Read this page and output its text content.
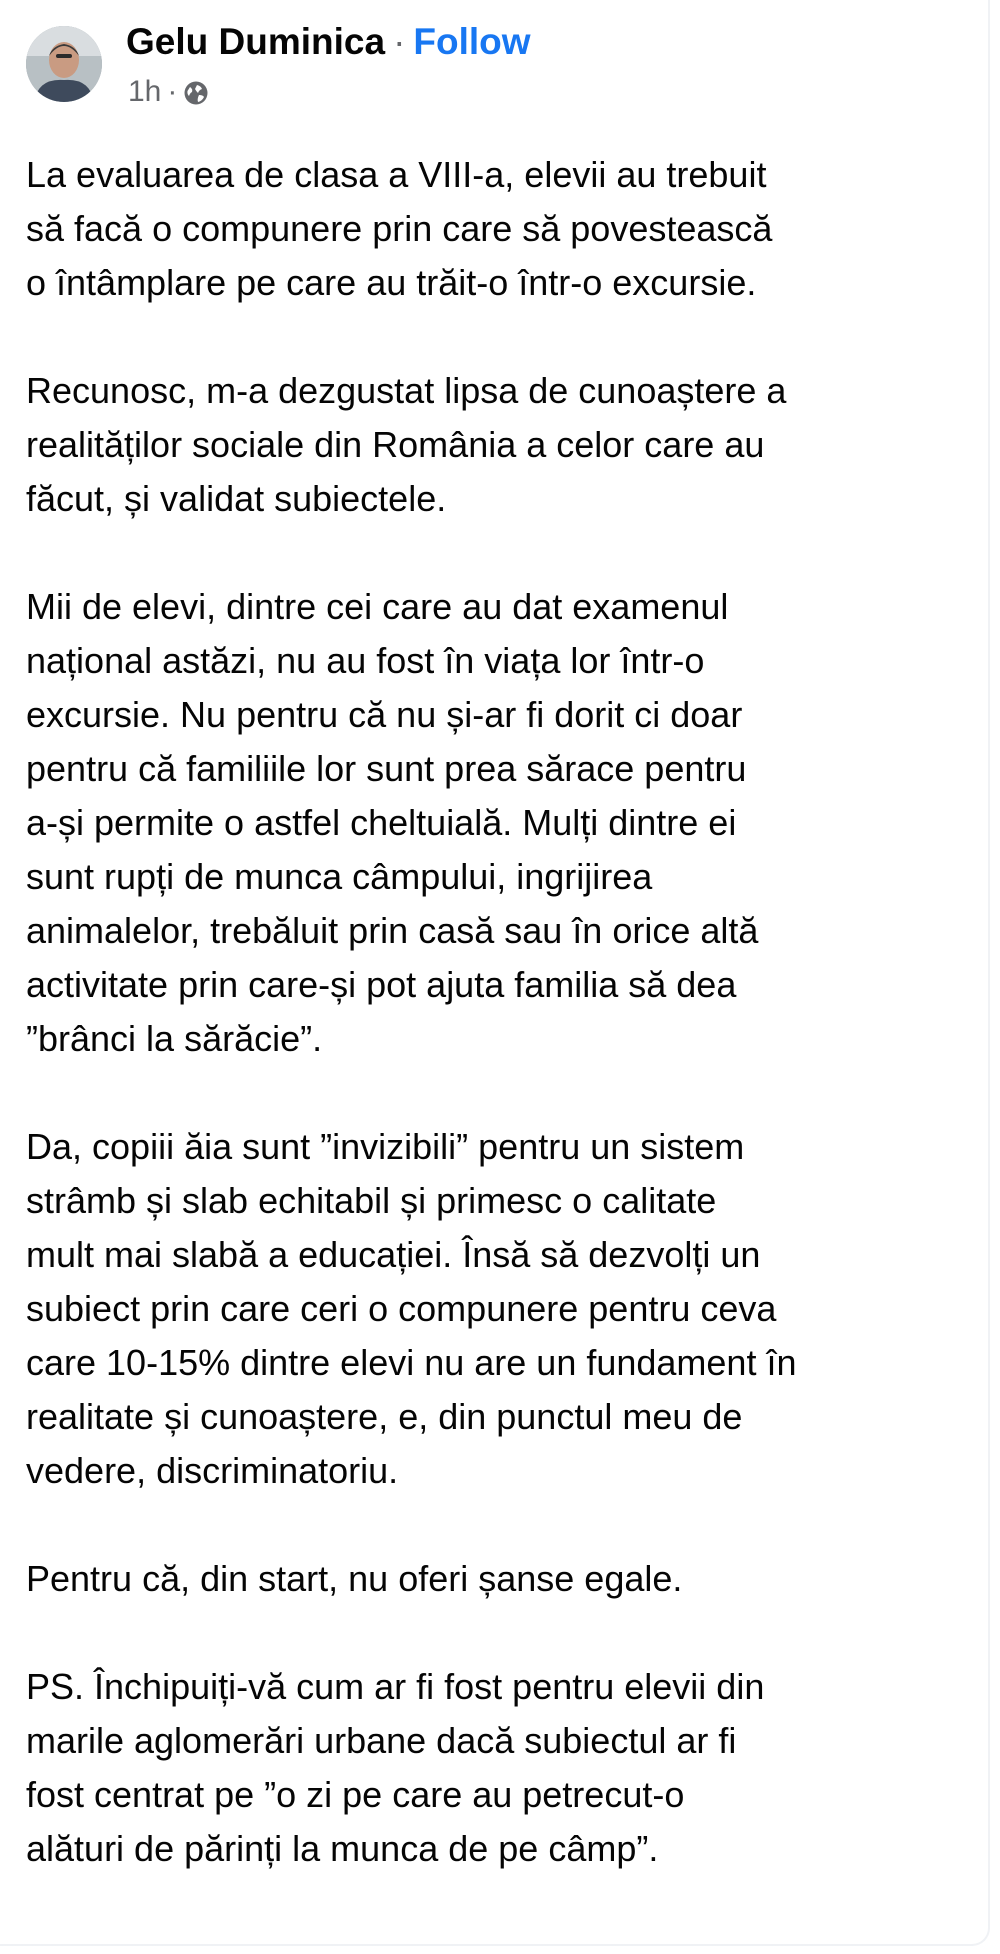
Gelu Duminica · Follow
1h ·

La evaluarea de clasa a VIII-a, elevii au trebuit
să facă o compunere prin care să povestească
o întâmplare pe care au trăit-o într-o excursie.

Recunosc, m-a dezgustat lipsa de cunoaștere a
realităților sociale din România a celor care au
făcut, și validat subiectele.

Mii de elevi, dintre cei care au dat examenul
național astăzi, nu au fost în viața lor într-o
excursie. Nu pentru că nu și-ar fi dorit ci doar
pentru că familiile lor sunt prea sărace pentru
a-și permite o astfel cheltuială. Mulți dintre ei
sunt rupți de munca câmpului, ingrijirea
animalelor, trebăluit prin casă sau în orice altă
activitate prin care-și pot ajuta familia să dea
”brânci la sărăcie”.

Da, copiii ăia sunt ”invizibili” pentru un sistem
strâmb și slab echitabil și primesc o calitate
mult mai slabă a educației. Însă să dezvolți un
subiect prin care ceri o compunere pentru ceva
care 10-15% dintre elevi nu are un fundament în
realitate și cunoaștere, e, din punctul meu de
vedere, discriminatoriu.

Pentru că, din start, nu oferi șanse egale.

PS. Închipuiți-vă cum ar fi fost pentru elevii din
marile aglomerări urbane dacă subiectul ar fi
fost centrat pe ”o zi pe care au petrecut-o
alături de părinți la munca de pe câmp”.
